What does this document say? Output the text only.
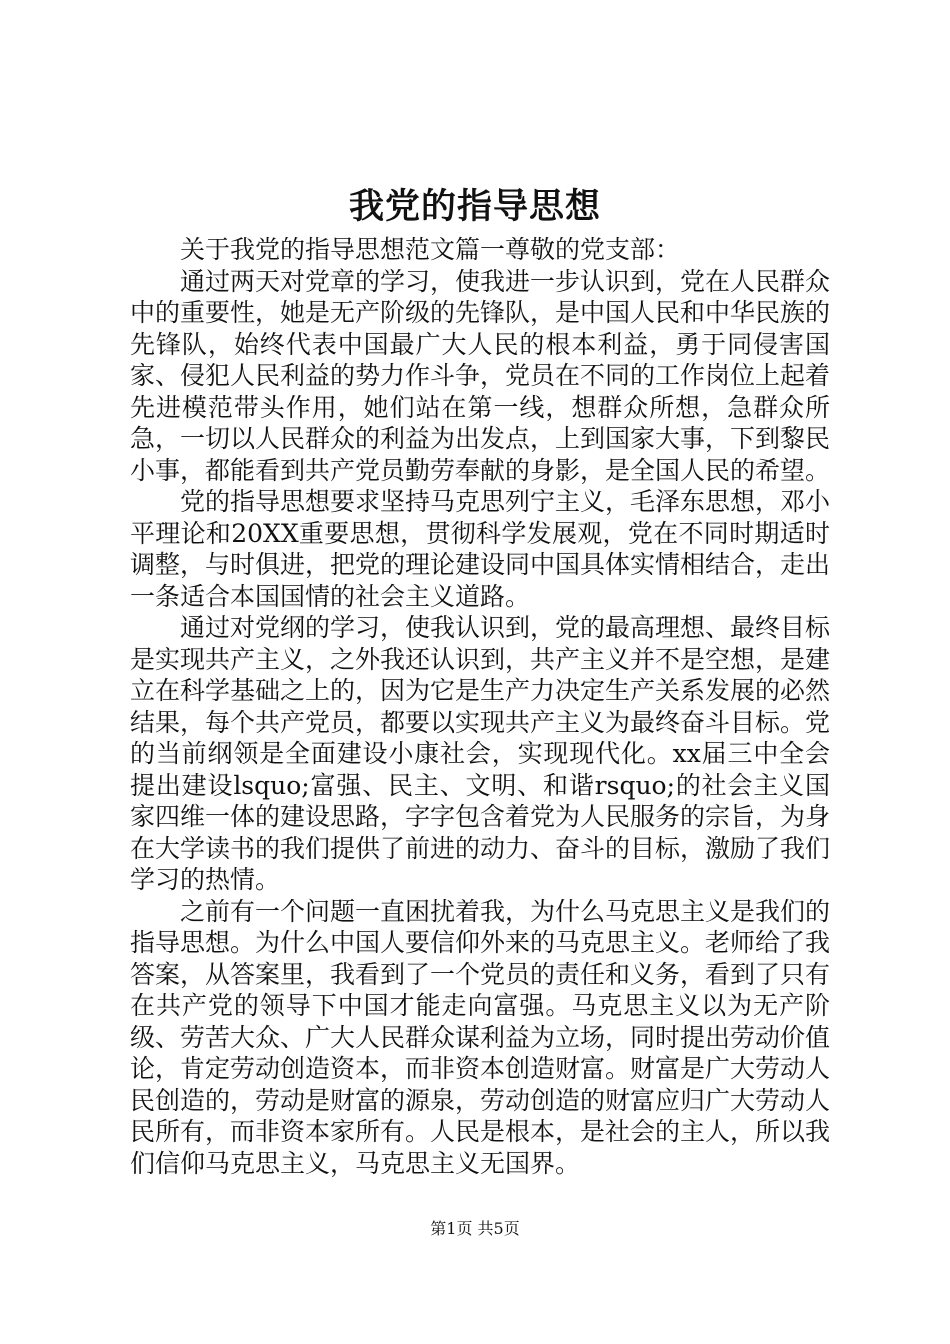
我党的指导思想

关于我党的指导思想范文篇一尊敬的党支部：

通过两天对党章的学习，使我进一步认识到，党在人民群众中的重要性，她是无产阶级的先锋队，是中国人民和中华民族的先锋队，始终代表中国最广大人民的根本利益，勇于同侵害国家、侵犯人民利益的势力作斗争，党员在不同的工作岗位上起着先进模范带头作用，她们站在第一线，想群众所想，急群众所急，一切以人民群众的利益为出发点，上到国家大事，下到黎民小事，都能看到共产党员勤劳奉献的身影，是全国人民的希望。

党的指导思想要求坚持马克思列宁主义，毛泽东思想，邓小平理论和20XX重要思想，贯彻科学发展观，党在不同时期适时调整，与时俱进，把党的理论建设同中国具体实情相结合，走出一条适合本国国情的社会主义道路。

通过对党纲的学习，使我认识到，党的最高理想、最终目标是实现共产主义，之外我还认识到，共产主义并不是空想，是建立在科学基础之上的，因为它是生产力决定生产关系发展的必然结果，每个共产党员，都要以实现共产主义为最终奋斗目标。党的当前纲领是全面建设小康社会，实现现代化。xx届三中全会提出建设lsquo;富强、民主、文明、和谐rsquo;的社会主义国家四维一体的建设思路，字字包含着党为人民服务的宗旨，为身在大学读书的我们提供了前进的动力、奋斗的目标，激励了我们学习的热情。

之前有一个问题一直困扰着我，为什么马克思主义是我们的指导思想。为什么中国人要信仰外来的马克思主义。老师给了我答案，从答案里，我看到了一个党员的责任和义务，看到了只有在共产党的领导下中国才能走向富强。马克思主义以为无产阶级、劳苦大众、广大人民群众谋利益为立场，同时提出劳动价值论，肯定劳动创造资本，而非资本创造财富。财富是广大劳动人民创造的，劳动是财富的源泉，劳动创造的财富应归广大劳动人民所有，而非资本家所有。人民是根本，是社会的主人，所以我们信仰马克思主义，马克思主义无国界。

第1页 共5页
